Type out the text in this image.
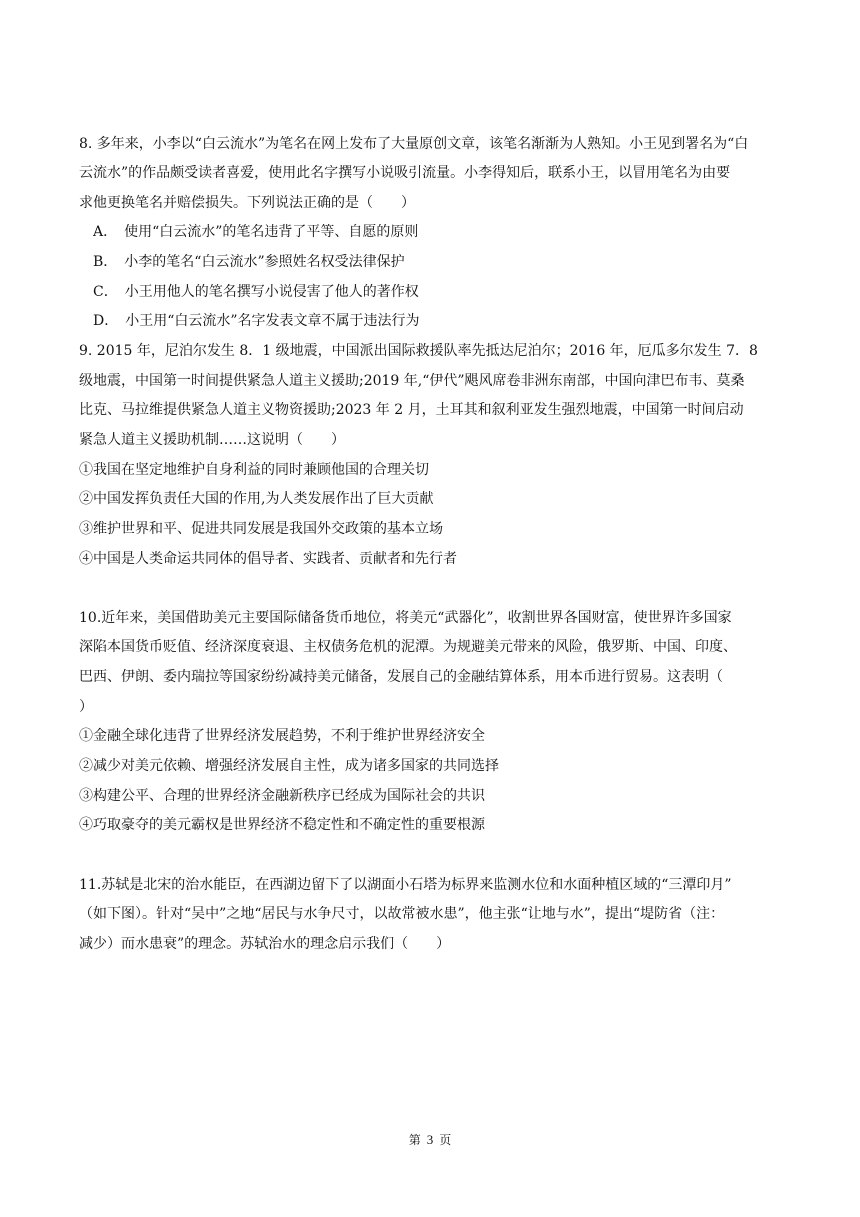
8. 多年来，小李以“白云流水”为笔名在网上发布了大量原创文章，该笔名渐渐为人熟知。小王见到署名为“白
云流水”的作品颇受读者喜爱，使用此名字撰写小说吸引流量。小李得知后，联系小王，以冒用笔名为由要
求他更换笔名并赔偿损失。下列说法正确的是（　　）
A．　使用“白云流水”的笔名违背了平等、自愿的原则
B．　小李的笔名“白云流水”参照姓名权受法律保护
C．　小王用他人的笔名撰写小说侵害了他人的著作权
D．　小王用“白云流水”名字发表文章不属于违法行为
9. 2015 年，尼泊尔发生 8．1 级地震，中国派出国际救援队率先抵达尼泊尔；2016 年，厄瓜多尔发生 7．8
级地震，中国第一时间提供紧急人道主义援助;2019 年,“伊代”飓风席卷非洲东南部，中国向津巴布韦、莫桑
比克、马拉维提供紧急人道主义物资援助;2023 年 2 月，土耳其和叙利亚发生强烈地震，中国第一时间启动
紧急人道主义援助机制……这说明（　　）
①我国在坚定地维护自身利益的同时兼顾他国的合理关切
②中国发挥负责任大国的作用,为人类发展作出了巨大贡献
③维护世界和平、促进共同发展是我国外交政策的基本立场
④中国是人类命运共同体的倡导者、实践者、贡献者和先行者
10.近年来，美国借助美元主要国际储备货币地位，将美元“武器化”，收割世界各国财富，使世界许多国家
深陷本国货币贬值、经济深度衰退、主权债务危机的泥潭。为规避美元带来的风险，俄罗斯、中国、印度、
巴西、伊朗、委内瑞拉等国家纷纷减持美元储备，发展自己的金融结算体系，用本币进行贸易。这表明（
）
①金融全球化违背了世界经济发展趋势，不利于维护世界经济安全
②减少对美元依赖、增强经济发展自主性，成为诸多国家的共同选择
③构建公平、合理的世界经济金融新秩序已经成为国际社会的共识
④巧取豪夺的美元霸权是世界经济不稳定性和不确定性的重要根源
11.苏轼是北宋的治水能臣，在西湖边留下了以湖面小石塔为标界来监测水位和水面种植区域的“三潭印月”
（如下图）。针对“吴中”之地“居民与水争尺寸，以故常被水患”，他主张“让地与水”，提出“堤防省（注：
减少）而水患衰”的理念。苏轼治水的理念启示我们（　　）
第 3 页
